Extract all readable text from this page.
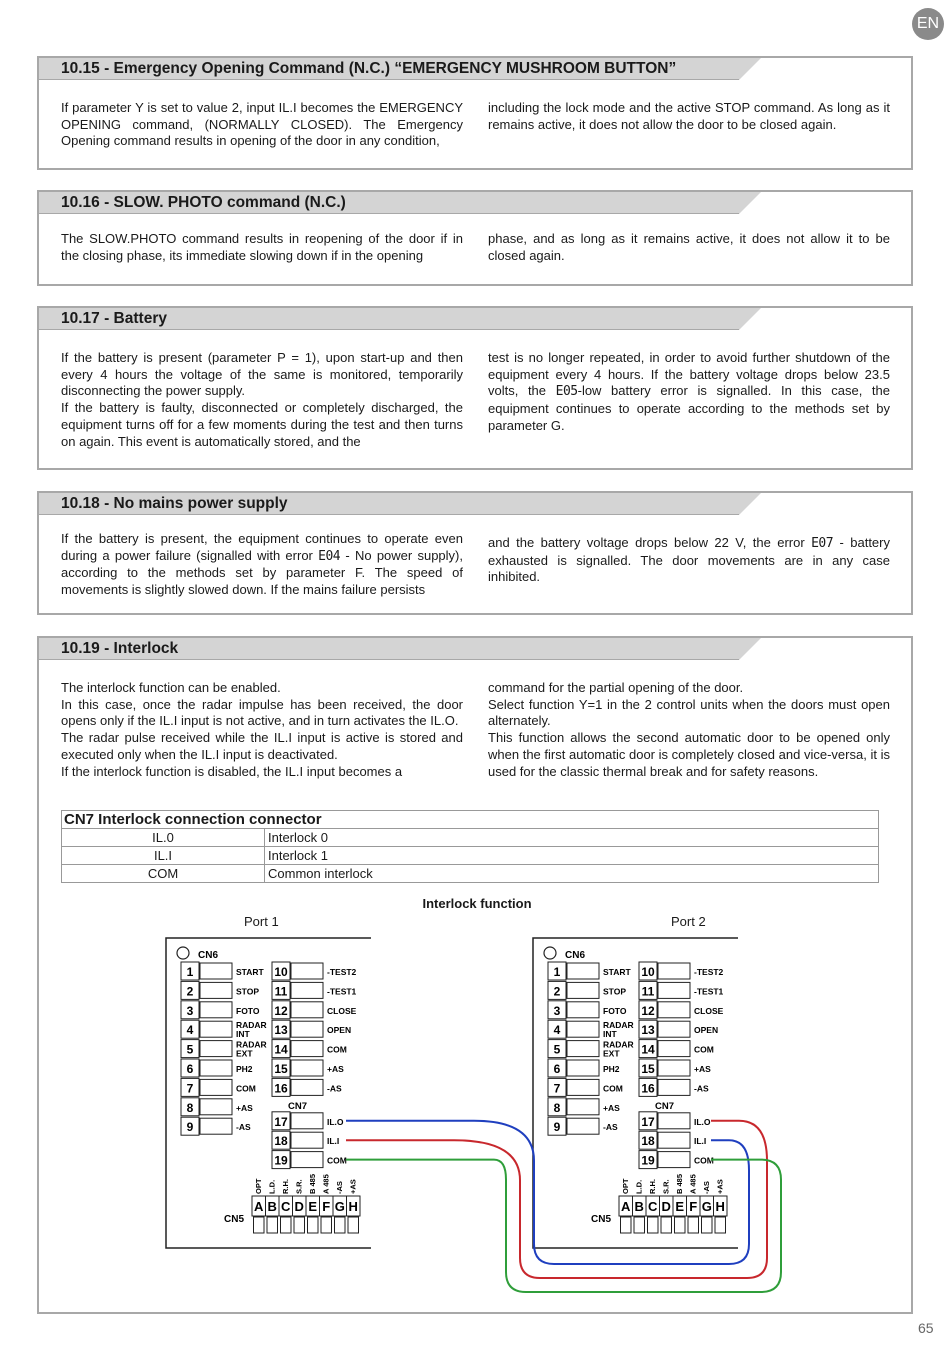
EN
10.15 - Emergency Opening Command (N.C.) “EMERGENCY MUSHROOM BUTTON”
If parameter Y is set to value 2, input IL.I becomes the EMERGENCY OPENING command, (NORMALLY CLOSED). The Emergency Opening command results in opening of the door in any condition,
including the lock mode and the active STOP command. As long as it remains active, it does not allow the door to be closed again.
10.16 - SLOW. PHOTO command (N.C.)
The SLOW.PHOTO command results in reopening of the door if in the closing phase, its immediate slowing down if in the opening
phase, and as long as it remains active, it does not allow it to be closed again.
10.17 - Battery

If the battery is present (parameter P = 1), upon start-up and then every 4 hours the voltage of the same is monitored, temporarily disconnecting the power supply.

If the battery is faulty, disconnected or completely discharged, the equipment turns off for a few moments during the test and then turns on again. This event is automatically stored, and the

test is no longer repeated, in order to avoid further shutdown of the equipment every 4 hours. If the battery voltage drops below 23.5 volts, the E05-low battery error is signalled. In this case, the equipment continues to operate according to the methods set by parameter G.
10.18 - No mains power supply
If the battery is present, the equipment continues to operate even during a power failure (signalled with error E04 - No power supply), according to the methods set by parameter F. The speed of movements is slightly slowed down. If the mains failure persists
and the battery voltage drops below 22 V, the error E07 - battery exhausted is signalled. The door movements are in any case inhibited.
10.19 - Interlock

The interlock function can be enabled.

In this case, once the radar impulse has been received, the door opens only if the IL.I input is not active, and in turn activates the IL.O.

The radar pulse received while the IL.I input is active is stored and executed only when the IL.I input is deactivated.

If the interlock function is disabled, the IL.I input becomes a

command for the partial opening of the door.

Select function Y=1 in the 2 control units when the doors must open alternately.

This function allows the second automatic door to be opened only when the first automatic door is completely closed and vice-versa, it is used for the classic thermal break and for safety reasons.

CN7 Interlock connection connector	
IL.0	Interlock 0
IL.I	Interlock 1
COM	Common interlock
Interlock function
Port 1	Port 2
CN6
1	START
2	STOP
3	FOTO
4	RADAR
INT
5	RADAR
EXT
6	PH2
7	COM
8	+AS
9	-AS
10	-TEST2
11	-TEST1
12	CLOSE
13	OPEN
14	COM
15	+AS
16	-AS
CN7
17	IL.O
18	IL.I
19	COM
OPT L.D. R.H. S.R. B 485 A 485 -AS +AS
A B C D E F G H
CN5
CN6
1	START
2	STOP
3	FOTO
4	RADAR
INT
5	RADAR
EXT
6	PH2
7	COM
8	+AS
9	-AS
10	-TEST2
11	-TEST1
12	CLOSE
13	OPEN
14	COM
15	+AS
16	-AS
CN7
17	IL.O
18	IL.I
19	COM
OPT L.D. R.H. S.R. B 485 A 485 -AS +AS
A B C D E F G H
CN5
65
